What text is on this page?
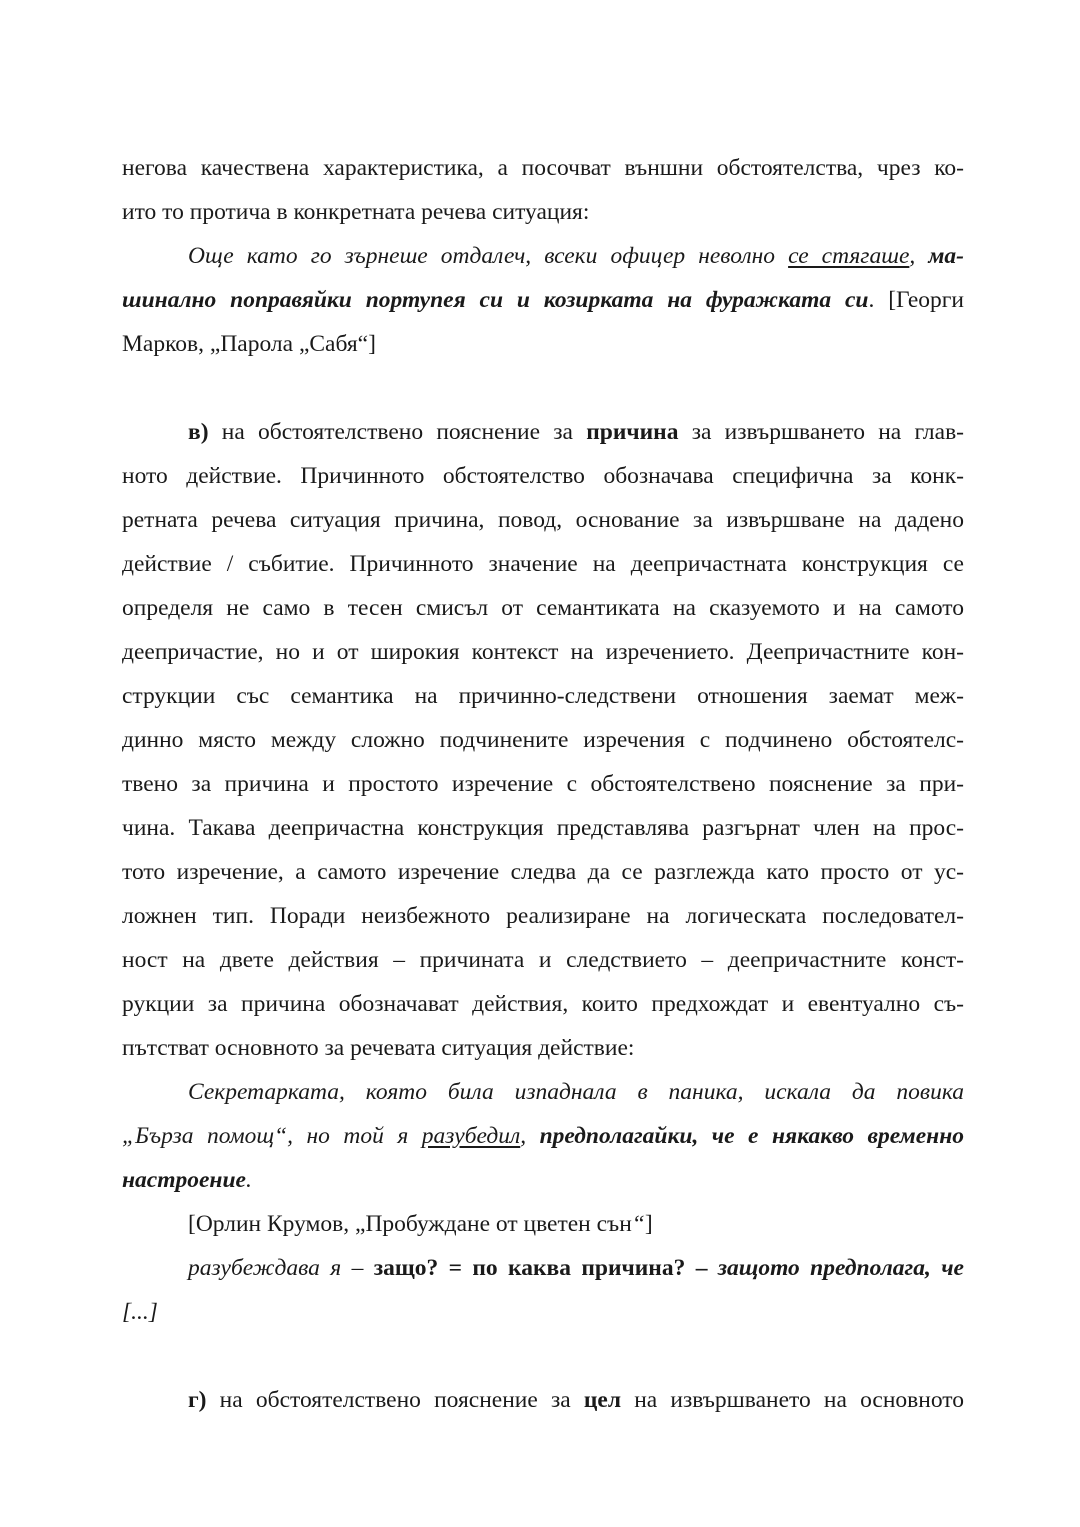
негова качествена характеристика, а посочват външни обстоятелства, чрез ко-
ито то протича в конкретната речева ситуация:
Още като го зърнеше отдалеч, всеки офицер неволно се стягаше, ма-
шинално поправяйки портупея си и козирката на фуражката си. [Георги
Марков, „Парола „Сабя“]
в) на обстоятелствено пояснение за причина за извършването на глав-
ното действие. Причинното обстоятелство обозначава специфична за конк-
ретната речева ситуация причина, повод, основание за извършване на дадено
действие / събитие. Причинното значение на деепричастната конструкция се
определя не само в тесен смисъл от семантиката на сказуемото и на самото
деепричастие, но и от широкия контекст на изречението. Деепричастните кон-
струкции със семантика на причинно-следствени отношения заемат меж-
динно място между сложно подчинените изречения с подчинено обстоятелс-
твено за причина и простото изречение с обстоятелствено пояснение за при-
чина. Такава деепричастна конструкция представлява разгърнат член на прос-
тото изречение, а самото изречение следва да се разглежда като просто от ус-
ложнен тип. Поради неизбежното реализиране на логическата последовател-
ност на двете действия – причината и следствието – деепричастните конст-
рукции за причина обозначават действия, които предхождат и евентуално съ-
пътстват основното за речевата ситуация действие:
Секретарката, която била изпаднала в паника, искала да повика
„Бърза помощ“, но той я разубедил, предполагайки, че е някакво временно
настроение.
[Орлин Крумов, „Пробуждане от цветен сън“]
разубеждава я – защо? = по каква причина? – защото предполага, че
[...]
г) на обстоятелствено пояснение за цел на извършването на основното
